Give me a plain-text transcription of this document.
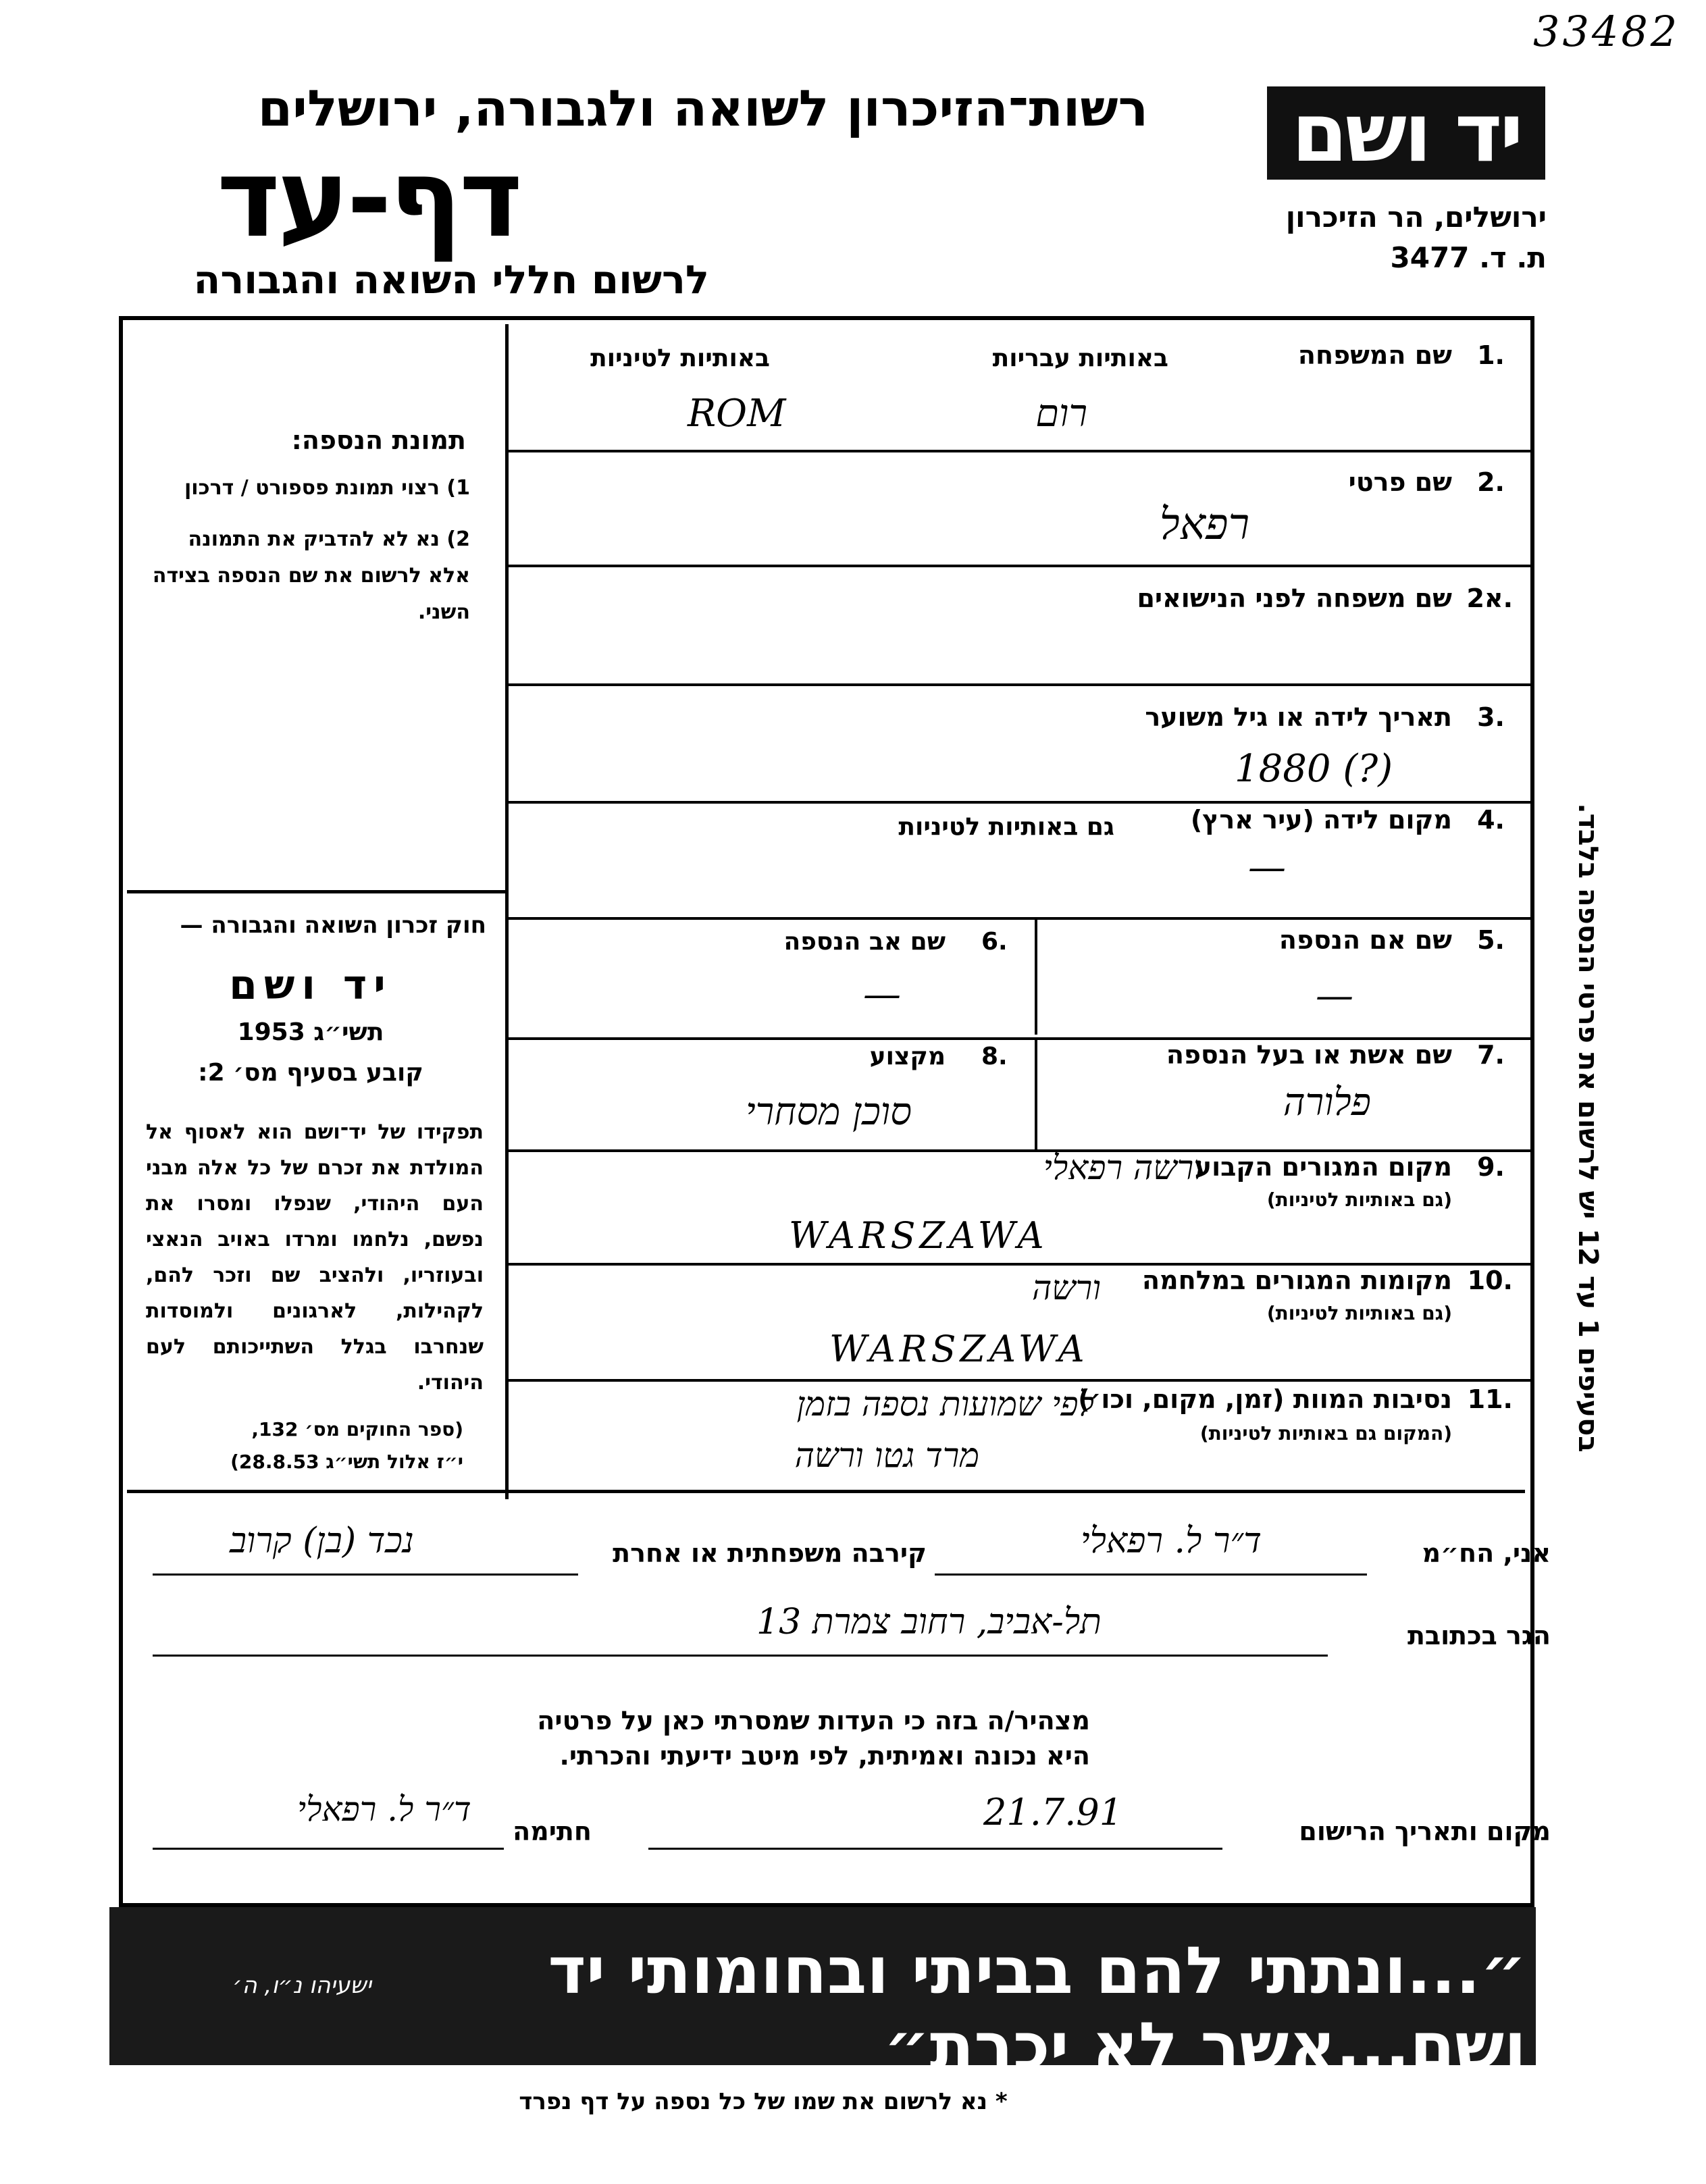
33482
יד ושם
ירושלים, הר הזיכרון
ת. ד. 3477
רשות־הזיכרון לשואה ולגבורה, ירושלים
דף-עד
לרשום חללי השואה והגבורה
תמונת הנספה:
1) רצוי תמונת פספורט / דרכון
2) נא לא להדביק את התמונה
אלא לרשום את שם הנספה בצידה
השני.
חוק זכרון השואה והגבורה —
יד ושם
תשי״ג 1953
קובע בסעיף מס׳ 2:
תפקידו של יד־ושם הוא לאסוף אל המולדת את זכרם של כל אלה מבני העם היהודי, שנפלו ומסרו את נפשם, נלחמו ומרדו באויב הנאצי ובעוזריו, ולהציב שם וזכר להם, לקהילות, לארגונים ולמוסדות שנחרבו בגלל השתייכותם לעם היהודי.
(ספר החוקים מס׳ 132,
י״ז אלול תשי״ג 28.8.53)
1.
שם המשפחה
באותיות עבריות
באותיות לטיניות
רום
ROM
2.
שם פרטי
רפאל
2א.
שם משפחה לפני הנישואים
3.
תאריך לידה או גיל משוער
1880 (?)
4.
מקום לידה (עיר ארץ)
גם באותיות לטיניות
—
5.
שם אם הנספה
—
6.
שם אב הנספה
—
7.
שם אשת או בעל הנספה
פלורה
8.
מקצוע
סוכן מסחרי
9.
מקום המגורים הקבוע
(גם באותיות לטיניות)
ורשה רפאלי
WARSZAWA
10.
מקומות המגורים במלחמה
(גם באותיות לטיניות)
ורשה
WARSZAWA
11.
נסיבות המוות (זמן, מקום, וכו׳)
(המקום גם באותיות לטיניות)
לפי שמועות נספה בזמן
מרד גטו ורשה
בסעיפים 1 עד 12 יש לרשום את פרטי הנספה בלבד.
אני, הח״מ
ד״ר ל. רפאלי
קירבה משפחתית או אחרת
נכד (בן) קרוב
הגר בכתובת
תל-אביב, רחוב צמרת 13
מצהיר/ה בזה כי העדות שמסרתי כאן על פרטיה
היא נכונה ואמיתית, לפי מיטב ידיעתי והכרתי.
מקום ותאריך הרישום
21.7.91
חתימה
ד״ר ל. רפאלי
״...ונתתי להם בביתי ובחומותי יד ושם...אשר לא יכרת״
ישעיהו נ״ו, ה׳
* נא לרשום את שמו של כל נספה על דף נפרד
